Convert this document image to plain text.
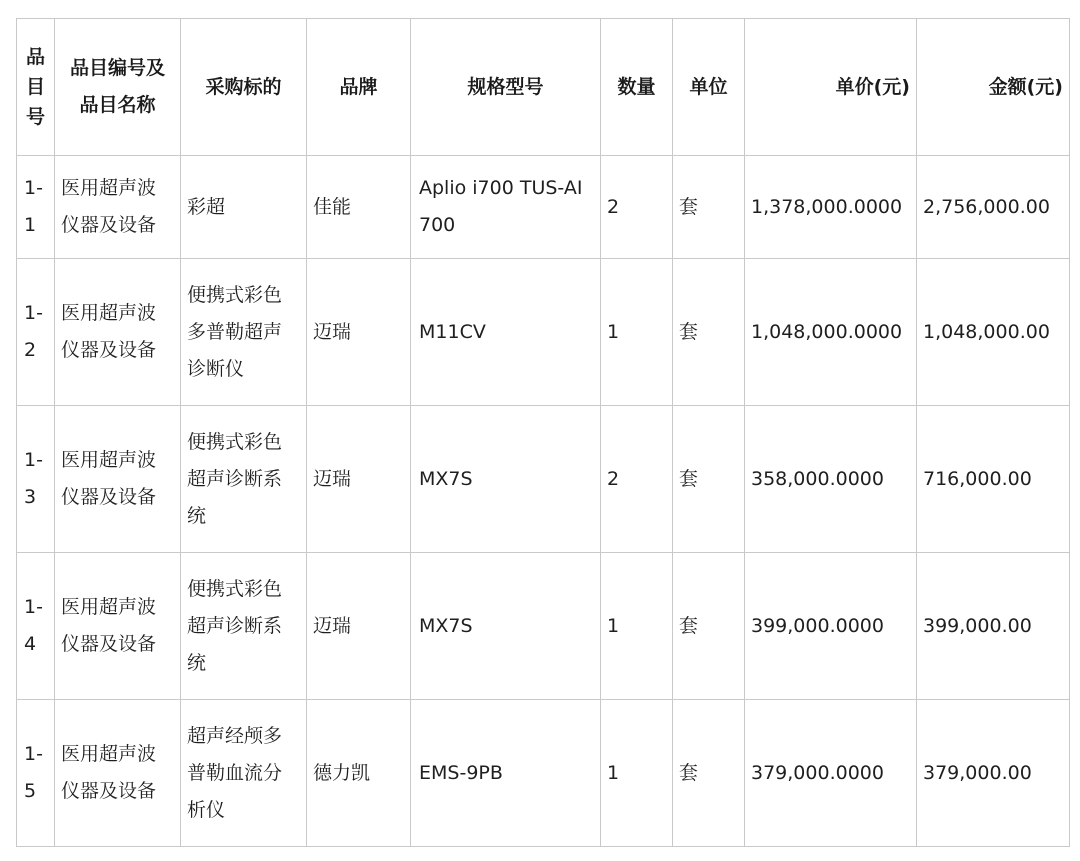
品目号	品目编号及品目名称	采购标的	品牌	规格型号	数量	单位	单价(元)	金额(元)
1-1	医用超声波仪器及设备	彩超	佳能	Aplio i700 TUS-AI700	2	套	1,378,000.0000	2,756,000.00
1-2	医用超声波仪器及设备	便携式彩色多普勒超声诊断仪	迈瑞	M11CV	1	套	1,048,000.0000	1,048,000.00
1-3	医用超声波仪器及设备	便携式彩色超声诊断系统	迈瑞	MX7S	2	套	358,000.0000	716,000.00
1-4	医用超声波仪器及设备	便携式彩色超声诊断系统	迈瑞	MX7S	1	套	399,000.0000	399,000.00
1-5	医用超声波仪器及设备	超声经颅多普勒血流分析仪	德力凯	EMS-9PB	1	套	379,000.0000	379,000.00
